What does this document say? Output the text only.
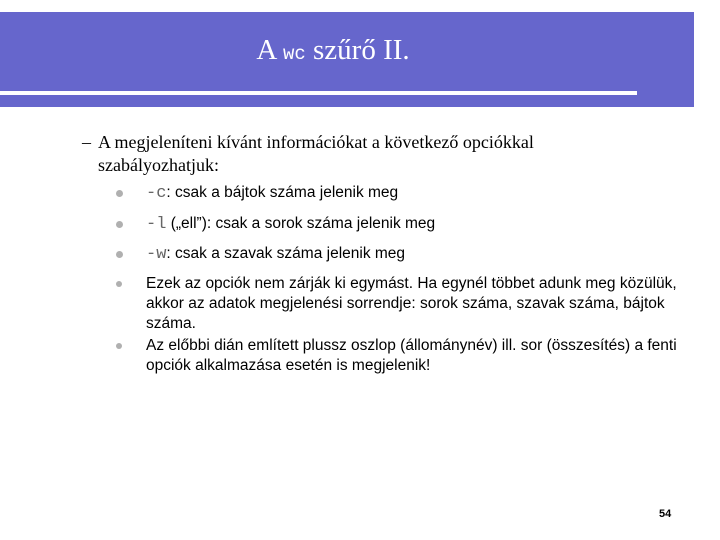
A wc szűrő II.
– A megjeleníteni kívánt információkat a következő opciókkal szabályozhatjuk:
-c: csak a bájtok száma jelenik meg
-l („ell”): csak a sorok száma jelenik meg
-w: csak a szavak száma jelenik meg
Ezek az opciók nem zárják ki egymást. Ha egynél többet adunk meg közülük, akkor az adatok megjelenési sorrendje: sorok száma, szavak száma, bájtok száma.
Az előbbi dián említett plussz oszlop (állománynév) ill. sor (összesítés) a fenti opciók alkalmazása esetén is megjelenik!
54
